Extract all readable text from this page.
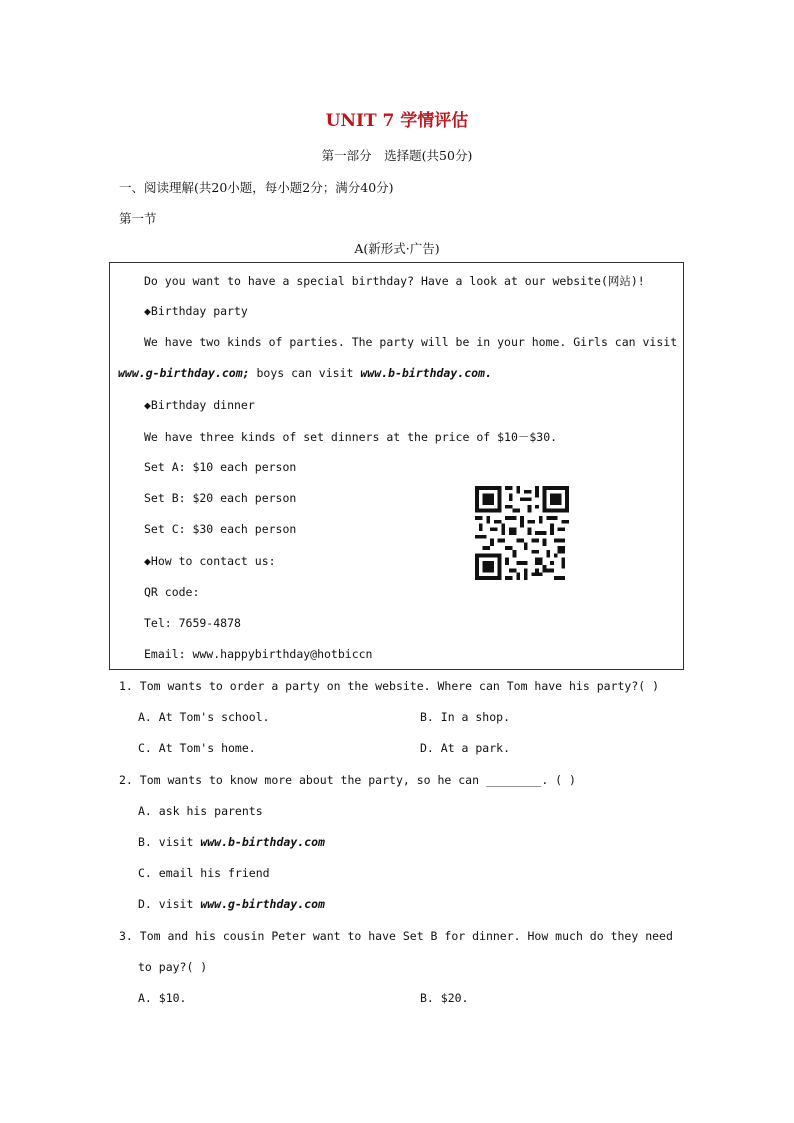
UNIT 7 学情评估
第一部分　选择题(共50分)
一、阅读理解(共20小题，每小题2分；满分40分)
第一节
A(新形式·广告)
Do you want to have a special birthday? Have a look at our website(网站)!
◆Birthday party
We have two kinds of parties. The party will be in your home. Girls can visit
www.g-birthday.com; boys can visit www.b-birthday.com.
◆Birthday dinner
We have three kinds of set dinners at the price of $10－$30.
Set A: $10 each person
Set B: $20 each person
Set C: $30 each person
◆How to contact us:
QR code:
Tel: 7659-4878
Email: www.happybirthday@hotbiccn
1. Tom wants to order a party on the website. Where can Tom have his party?( )
A. At Tom's school.	B. In a shop.
C. At Tom's home.	D. At a park.
2. Tom wants to know more about the party, so he can ________. ( )
A. ask his parents
B. visit www.b-birthday.com
C. email his friend
D. visit www.g-birthday.com
3. Tom and his cousin Peter want to have Set B for dinner. How much do they need
to pay?( )
A. $10.	B. $20.
